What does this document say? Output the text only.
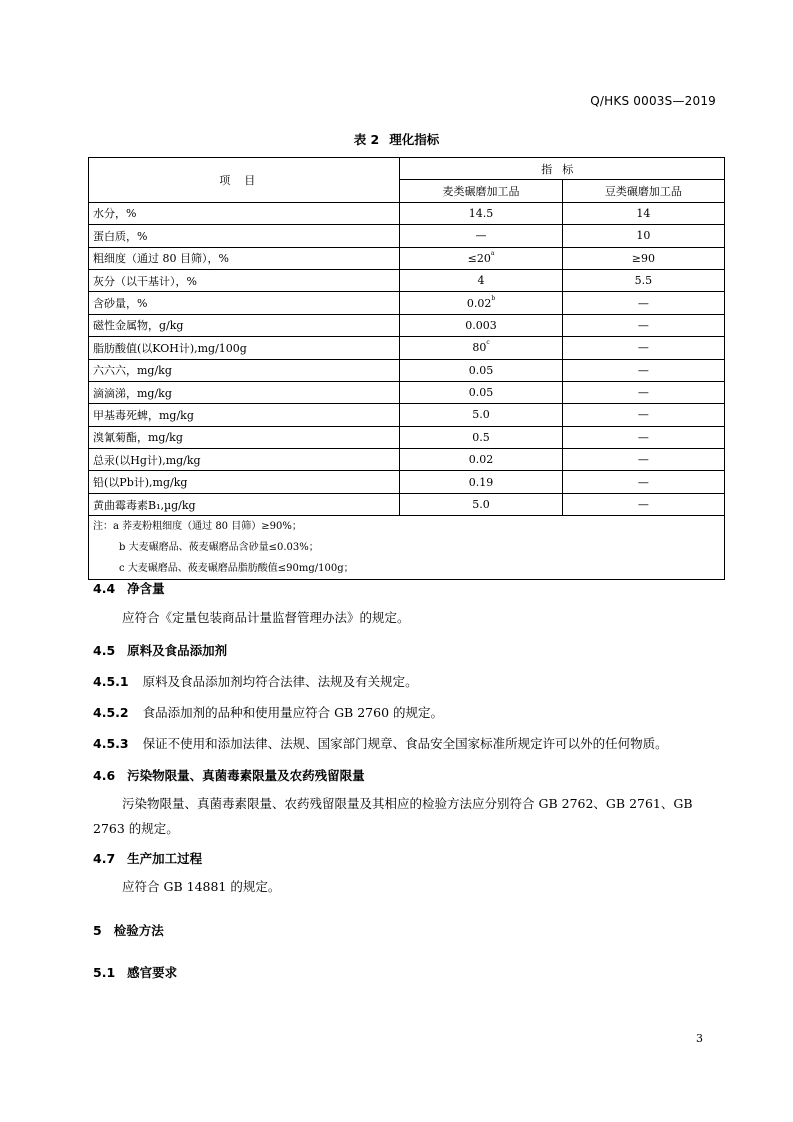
Q/HKS 0003S—2019
表 2 理化指标
项目	指标	
	麦类碾磨加工品	豆类碾磨加工品
水分，%		14.5	14
蛋白质，%		—	10
粗细度（通过 80 目筛），%		≤20$^a$	≥90
灰分（以干基计），%		4	5.5
含砂量，%		0.02$^b$	—
磁性金属物，g/kg		0.003	—
脂肪酸值(以KOH计),mg/100g		80$^c$	—
六六六，mg/kg		0.05	—
滴滴涕，mg/kg		0.05	—
甲基毒死蜱，mg/kg		5.0	—
溴氰菊酯，mg/kg		0.5	—
总汞(以Hg计),mg/kg		0.02	—
铅(以Pb计),mg/kg		0.19	—
黄曲霉毒素B₁,µg/kg		5.0	—

注：a 荞麦粉粗细度（通过 80 目筛）≥90%；
b 大麦碾磨品、莜麦碾磨品含砂量≤0.03%；
c 大麦碾磨品、莜麦碾磨品脂肪酸值≤90mg/100g；		
4.4 净含量
应符合《定量包装商品计量监督管理办法》的规定。
4.5 原料及食品添加剂
4.5.1 原料及食品添加剂均符合法律、法规及有关规定。
4.5.2 食品添加剂的品种和使用量应符合 GB 2760 的规定。
4.5.3 保证不使用和添加法律、法规、国家部门规章、食品安全国家标准所规定许可以外的任何物质。
4.6 污染物限量、真菌毒素限量及农药残留限量
污染物限量、真菌毒素限量、农药残留限量及其相应的检验方法应分别符合 GB 2762、GB 2761、GB 2763 的规定。
4.7 生产加工过程
应符合 GB 14881 的规定。
5 检验方法
5.1 感官要求
3
